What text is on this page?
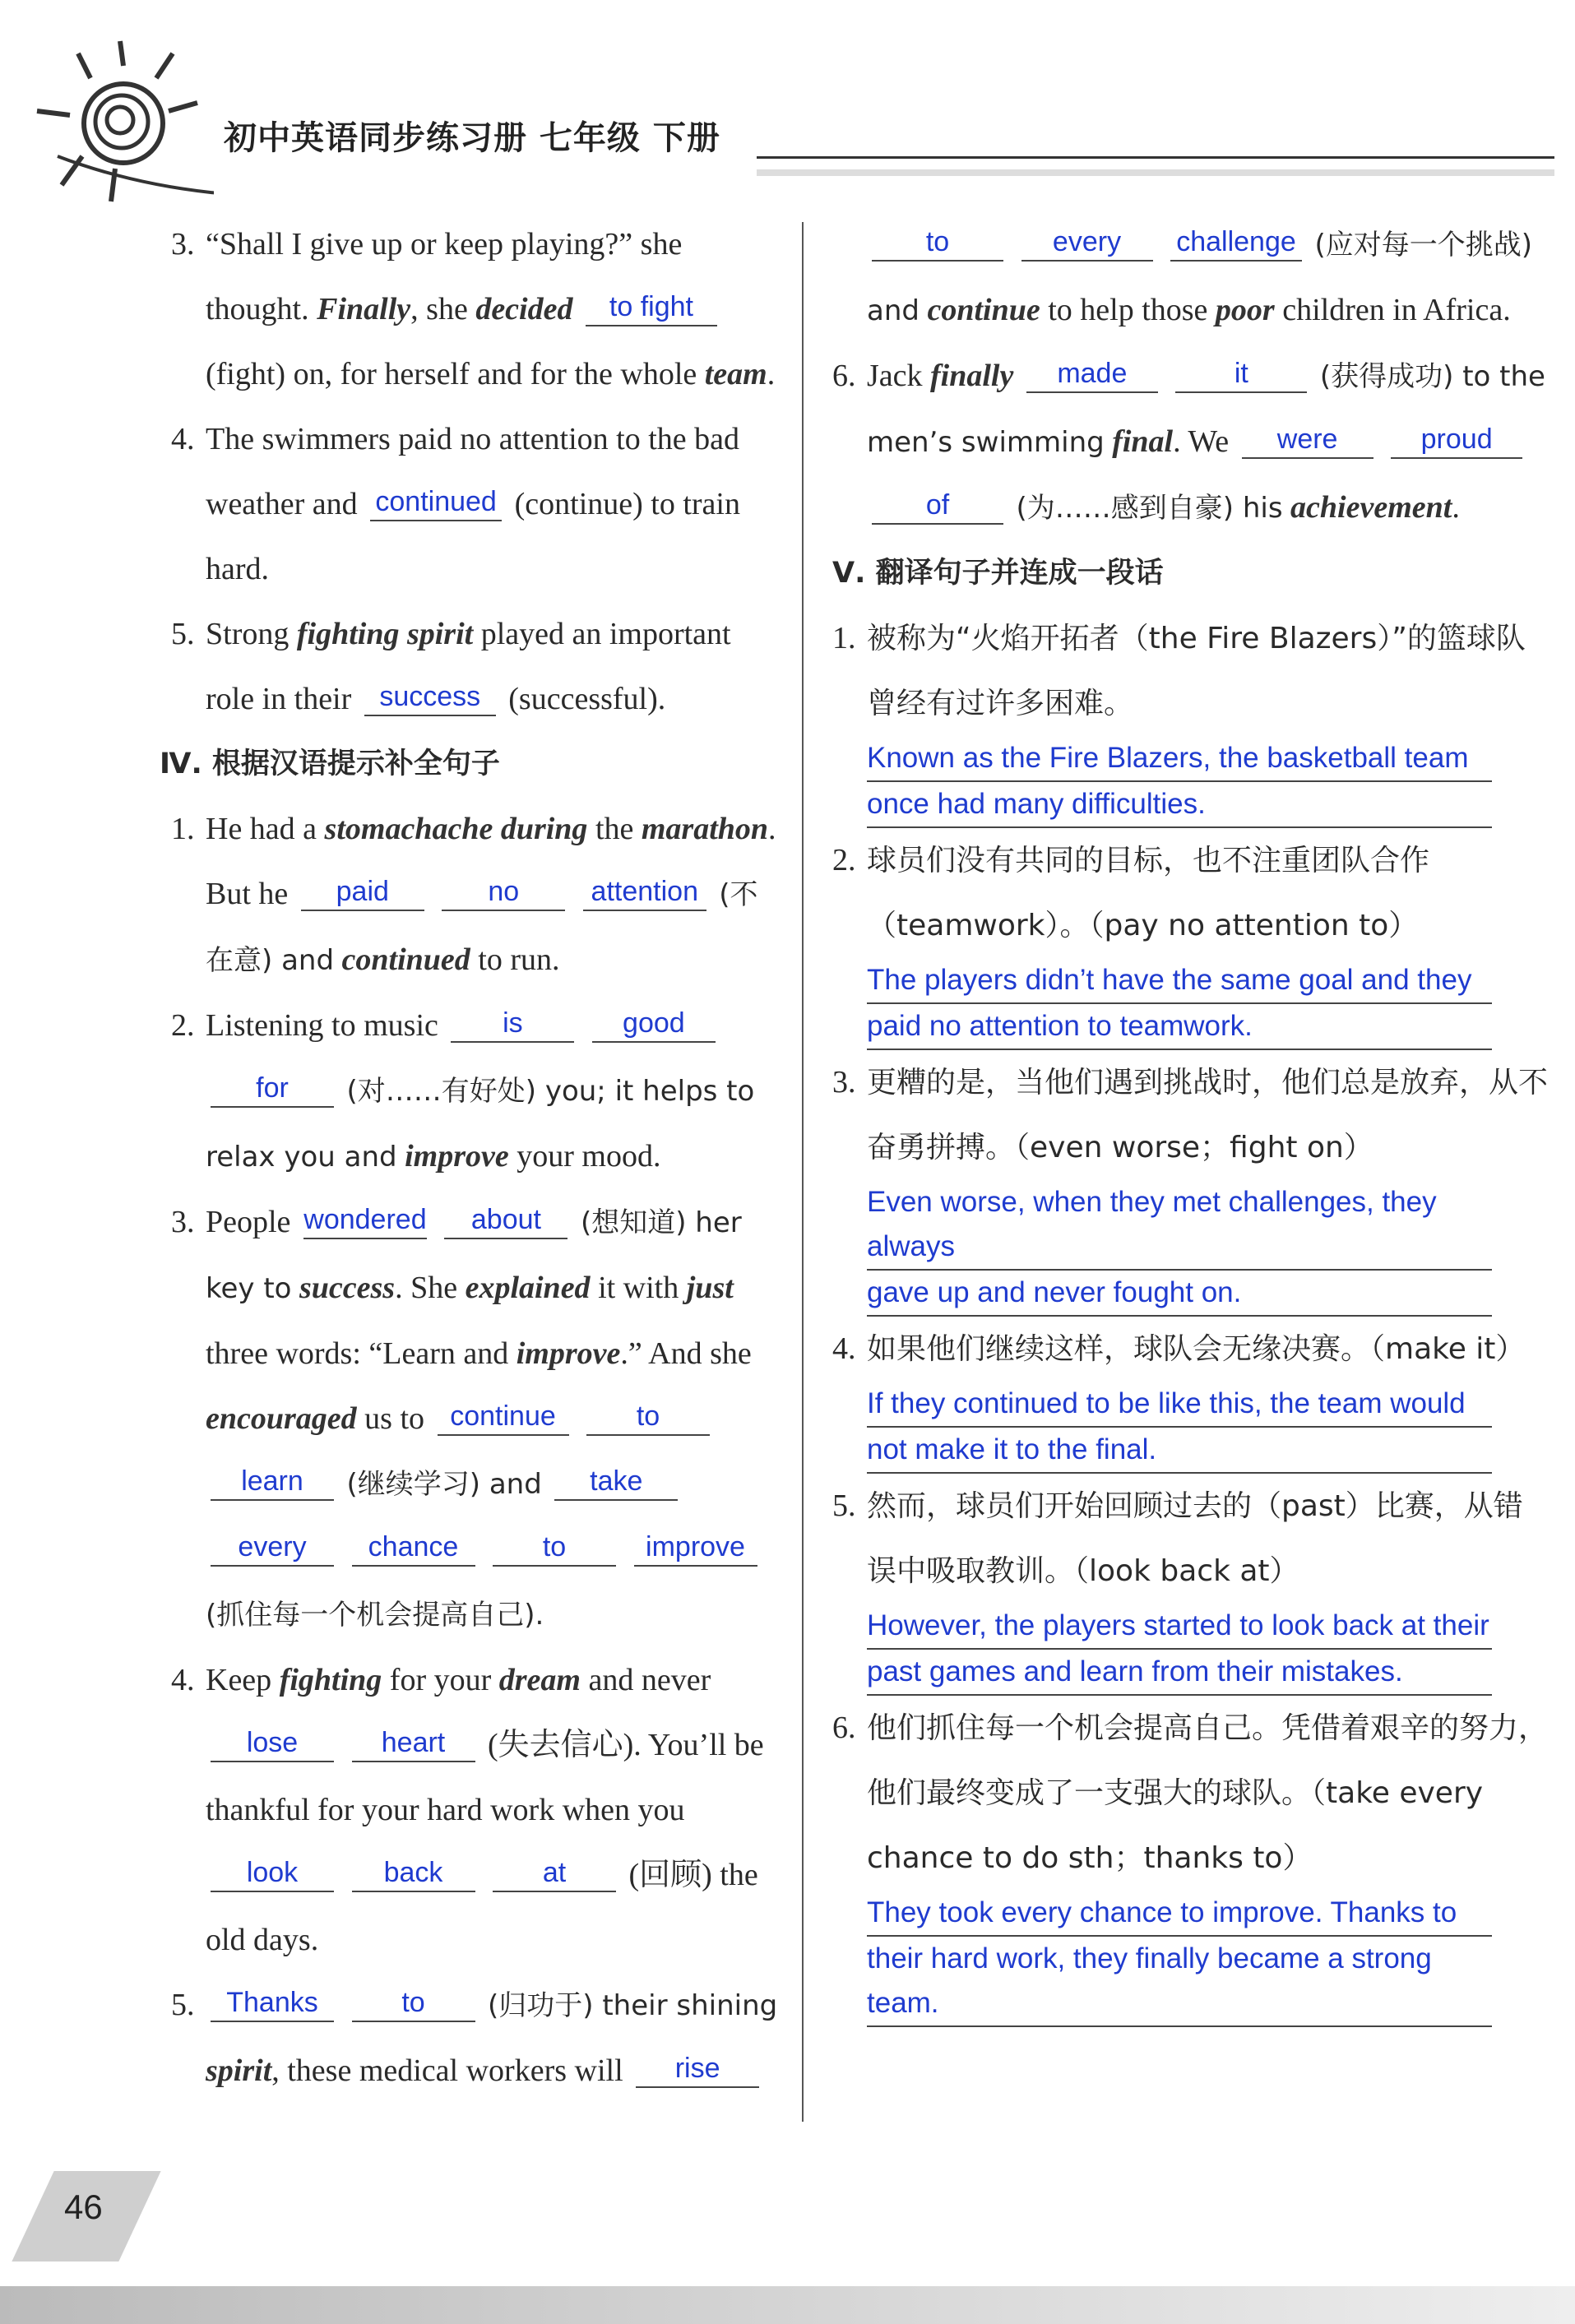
初中英语同步练习册 七年级 下册

3. “Shall I give up or keep playing?” she thought. Finally, she decided to fight (fight) on, for herself and for the whole team.

4. The swimmers paid no attention to the bad weather and continued (continue) to train hard.

5. Strong fighting spirit played an important role in their success (successful).

Ⅳ. 根据汉语提示补全句子

1. He had a stomachache during the marathon. But he paid	no	attention (不在意) and continued to run.

2. Listening to music is	good for (对……有好处) you; it helps to relax you and improve your mood.

3. People wondered about (想知道) her key to success. She explained it with just three words: “Learn and improve.” And she encouraged us to continue	to learn (继续学习) and take every chance	to	improve (抓住每一个机会提高自己).

4. Keep fighting for your dream and never lose	heart (失去信心). You’ll be thankful for your hard work when you look	back	at (回顾) the old days.

5. Thanks	to (归功于) their shining spirit, these medical workers will rise

to	every challenge (应对每一个挑战) and continue to help those poor children in Africa.

6. Jack finally made	it	(获得成功) to the men’s swimming final. We were	proud of (为……感到自豪) his achievement.

Ⅴ. 翻译句子并连成一段话

1. 被称为“火焰开拓者（the Fire Blazers）”的篮球队曾经有过许多困难。

Known as the Fire Blazers, the basketball team
once had many difficulties.

2. 球员们没有共同的目标，也不注重团队合作（teamwork）。（pay no attention to）

The players didn’t have the same goal and they
paid no attention to teamwork.

3. 更糟的是，当他们遇到挑战时，他们总是放弃，从不奋勇拼搏。（even worse；fight on）

Even worse, when they met challenges, they always
gave up and never fought on.

4. 如果他们继续这样，球队会无缘决赛。（make it）

If they continued to be like this, the team would
not make it to the final.

5. 然而，球员们开始回顾过去的（past）比赛，从错误中吸取教训。（look back at）

However, the players started to look back at their
past games and learn from their mistakes.

6. 他们抓住每一个机会提高自己。凭借着艰辛的努力，他们最终变成了一支强大的球队。（take every chance to do sth；thanks to）

They took every chance to improve. Thanks to
their hard work, they finally became a strong team.
46
